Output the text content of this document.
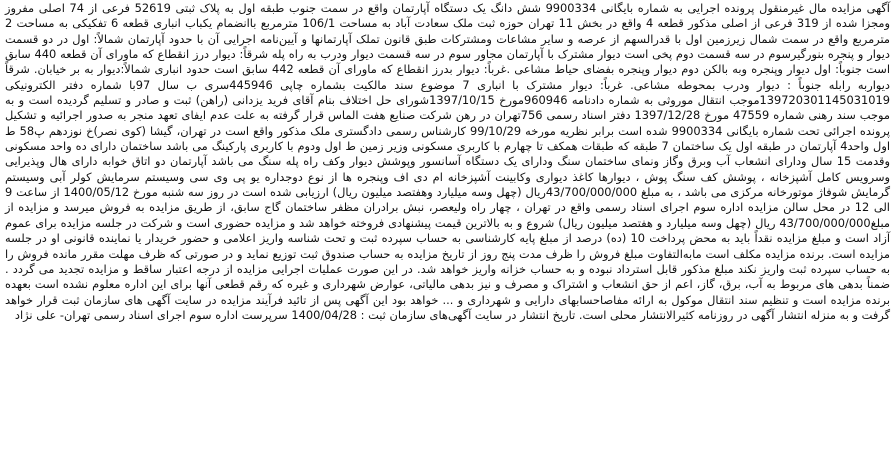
آگهی مزایده مال غیرمنقول پرونده اجرایی به شماره بایگانی 9900334 شش دانگ یک دستگاه آپارتمان واقع در سمت جنوب طبقه اول به پلاک ثبتی 52619 فرعی از 74 اصلی مفروز ومجزا شده از 319 فرعی از اصلی مذکور قطعه 4 واقع در بخش 11 تهران حوزه ثبت ملک سعادت آباد به مساحت 106/1 مترمربع باانضمام یکباب انباری قطعه 6 تفکیکی به مساحت 2 مترمربع واقع در سمت شمال زیرزمین اول با قدرالسهم از عرصه و سایر مشاعات ومشترکات طبق قانون تملک آپارتمانها و آیین‌نامه اجرایی آن با حدود آپارتمان شمالاً: اول در دو قسمت دیوار و پنجره بنورگیرسوم در سه قسمت دوم پخی است دیوار مشترک با آپارتمان مجاور سوم در سه قسمت دیوار ودرب به راه پله شرقاً: دیوار درز انقطاع که ماورای آن قطعه 440 سابق است جنوباً: اول دیوار وپنجره وبه بالکن دوم دیوار وپنجره بفضای حیاط مشاعی .غرباً: دیوار بدرز انقطاع که ماورای آن قطعه 442 سابق است حدود انباری شمالاً:دیوار به بر خیابان. شرقاً دیواربه رابله جنوباً : دیوار ودرب بمحوطه مشاعی. غرباً: دیوار مشترک با انباری 7 موضوع سند مالکیت بشماره چاپی 445946سری ب سال 97با شماره دفتر الکترونیکی 139720301145031019موجب انتقال موروثی به شماره دادنامه 960946مورخ 1397/10/15شورای حل اختلاف بنام آقای فرید یزدانی (راهن) ثبت و صادر و تسلیم گردیده است و به موجب سند رهنی شماره 47559 مورخ 1397/12/28 دفتر اسناد رسمی 756تهران در رهن شرکت صنایع هفت الماس قرار گرفته به علت عدم ایفای تعهد منجر به صدور اجرائیه و تشکیل پرونده اجرائی تحت شماره بایگانی 9900334 شده است برابر نظریه مورخه 99/10/29 کارشناس رسمی دادگستری ملک مذکور واقع است در تهران، گیشا (کوی نصر)خ نوزدهم پ58 ط اول واحد4 آپارتمان در طبقه اول یک ساختمان 7 طبقه که طبقات همکف تا چهارم با کاربری مسکونی وزیر زمین ط اول ودوم با کاربری پارکینگ می باشد ساختمان دارای ده واحد مسکونی وقدمت 15 سال ودارای انشعاب آب وبرق وگاز ونمای ساختمان سنگ ودارای یک دستگاه آسانسور وپوشش دیوار وکف راه پله سنگ می باشد آپارتمان دو اتاق خوابه دارای هال وپذیرایی وسرویس کامل آشپزخانه ، پوشش کف سنگ پوش ، دیوارها کاغذ دیواری وکابینت آشپزخانه ام دی اف وپنجره ها از نوع دوجداره یو پی وی سی وسیستم سرمایش کولر آبی وسیستم گرمایش شوفاژ موتورخانه مرکزی می باشد ، به مبلغ 43/700/000/000ریال (چهل وسه میلیارد وهفتصد میلیون ریال) ارزیابی شده است در روز سه شنبه مورخ 1400/05/12 از ساعت 9 الی 12 در محل سالن مزایده اداره سوم اجرای اسناد رسمی واقع در تهران ، چهار راه ولیعصر، نبش برادران مظفر ساختمان گاج سابق، از طریق مزایده به فروش میرسد و مزایده از مبلغ43/700/000/000 ریال (چهل وسه میلیارد و هفتصد میلیون ریال) شروع و به بالاترین قیمت پیشنهادی فروخته خواهد شد و مزایده حضوری است و شرکت در جلسه مزایده برای عموم آزاد است و مبلغ مزایده نقداً باید به محض پرداخت 10 (ده) درصد از مبلغ پایه کارشناسی به حساب سپرده ثبت و تحت شناسه واریز اعلامی و حضور خریدار یا نماینده قانونی او در جلسه مزایده است. برنده مزایده مکلف است مابه‌التفاوت مبلغ فروش را ظرف مدت پنج روز از تاریخ مزایده به حساب صندوق ثبت توزیع نماید و در صورتی که ظرف مهلت مقرر مانده فروش را به حساب سپرده ثبت واریز نکند مبلغ مذکور قابل استرداد نبوده و به حساب خزانه واریز خواهد شد. در این صورت عملیات اجرایی مزایده از درجه اعتبار ساقط و مزایده تجدید می گردد . ضمناً بدهی های مربوط به آب، برق، گاز، اعم از حق انشعاب و اشتراک و مصرف و نیز بدهی مالیاتی، عوارض شهرداری و غیره که رقم قطعی آنها برای این اداره معلوم نشده است بعهده برنده مزایده است و تنظیم سند انتقال موکول به ارائه مفاصاحسابهای دارایی و شهرداری و ... خواهد بود این آگهی پس از تائید فرآیند مزایده در سایت آگهی های سازمان ثبت قرار خواهد گرفت و به منزله انتشار آگهی در روزنامه کثیرالانتشار محلی است. تاریخ انتشار در سایت آگهی‌های سازمان ثبت : 1400/04/28 سرپرست اداره سوم اجرای اسناد رسمی تهران- علی نژاد
